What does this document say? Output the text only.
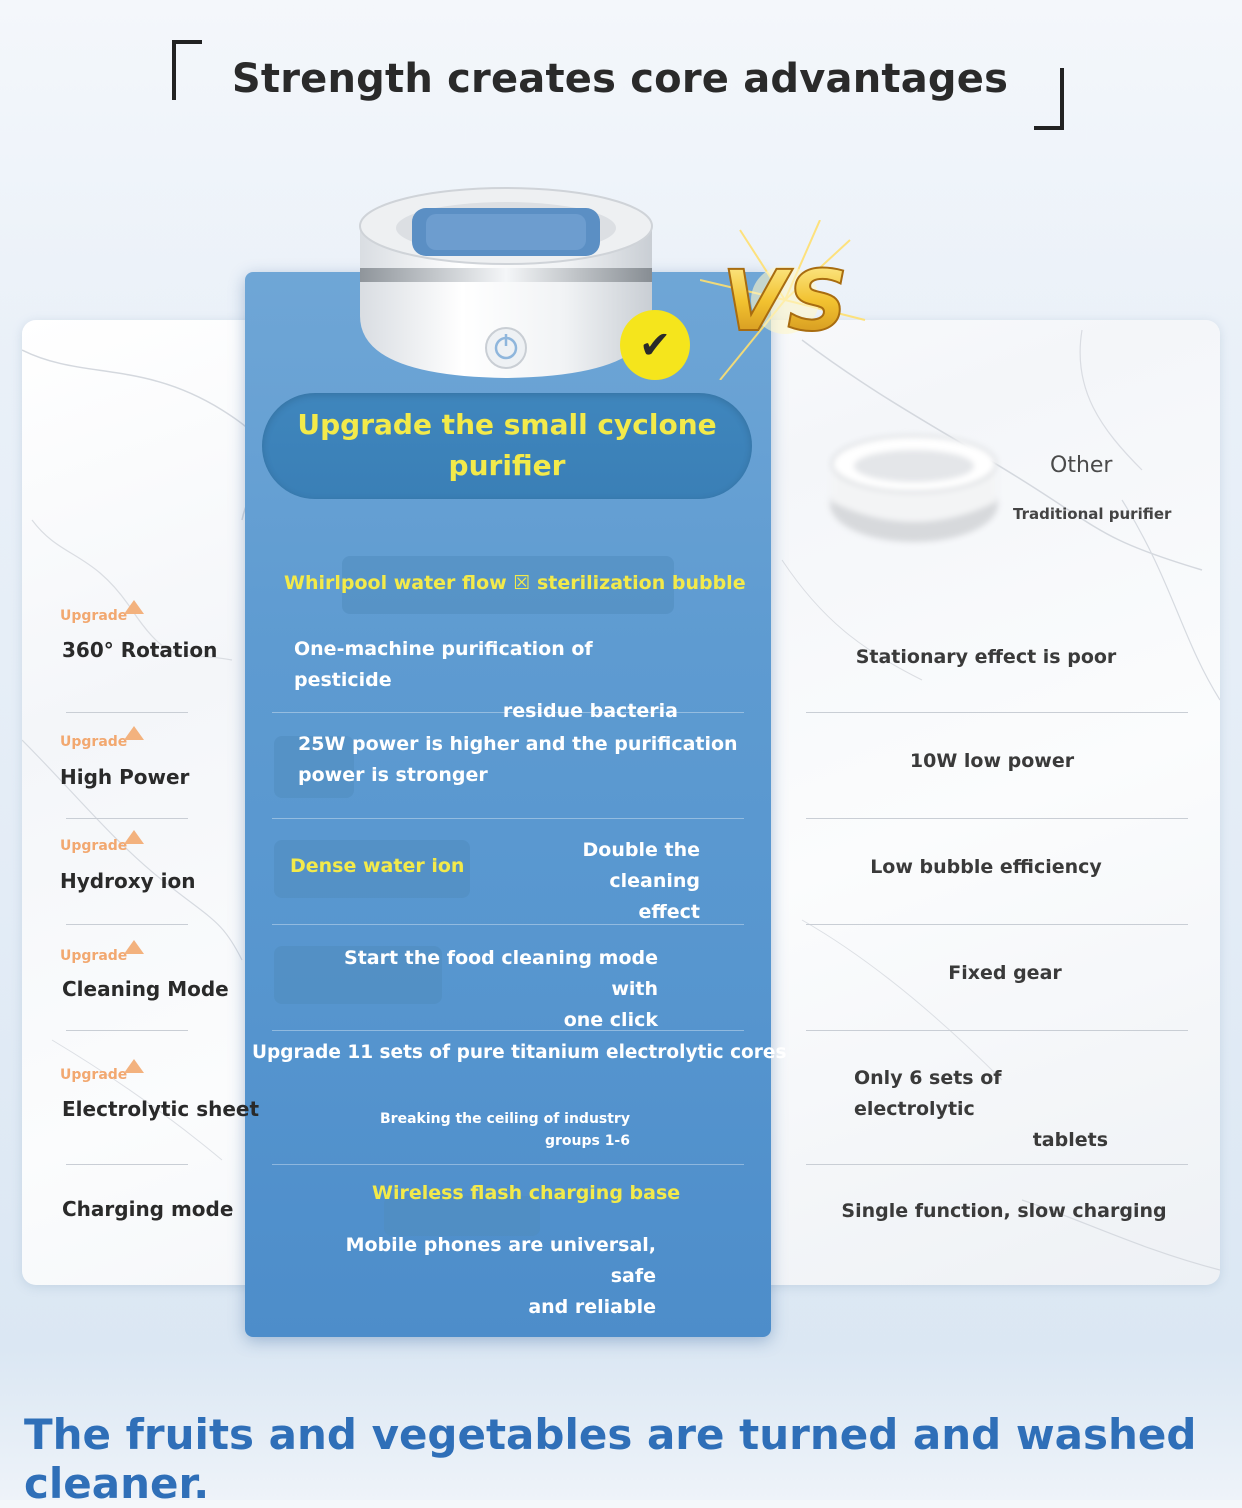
Strength creates core advantages
✔ VS
Upgrade the small cyclone purifier	Other
Traditional purifier
Upgrade
360° Rotation
Whirlpool water flow ☒ sterilization bubble
One-machine purification of pesticide
residue bacteria
Stationary effect is poor
Upgrade
High Power
25W power is higher and the purification
power is stronger
10W low power
Upgrade
Hydroxy ion
Dense water ion
Double the cleaning
effect
Low bubble efficiency
Upgrade
Cleaning Mode
Start the food cleaning mode with
one click
Fixed gear
Upgrade
Electrolytic sheet
Upgrade 11 sets of pure titanium electrolytic cores
Breaking the ceiling of industry
groups 1-6
Only 6 sets of electrolytic
tablets
Charging mode
Wireless flash charging base
Mobile phones are universal, safe
and reliable
Single function, slow charging
The fruits and vegetables are turned and washed cleaner.
